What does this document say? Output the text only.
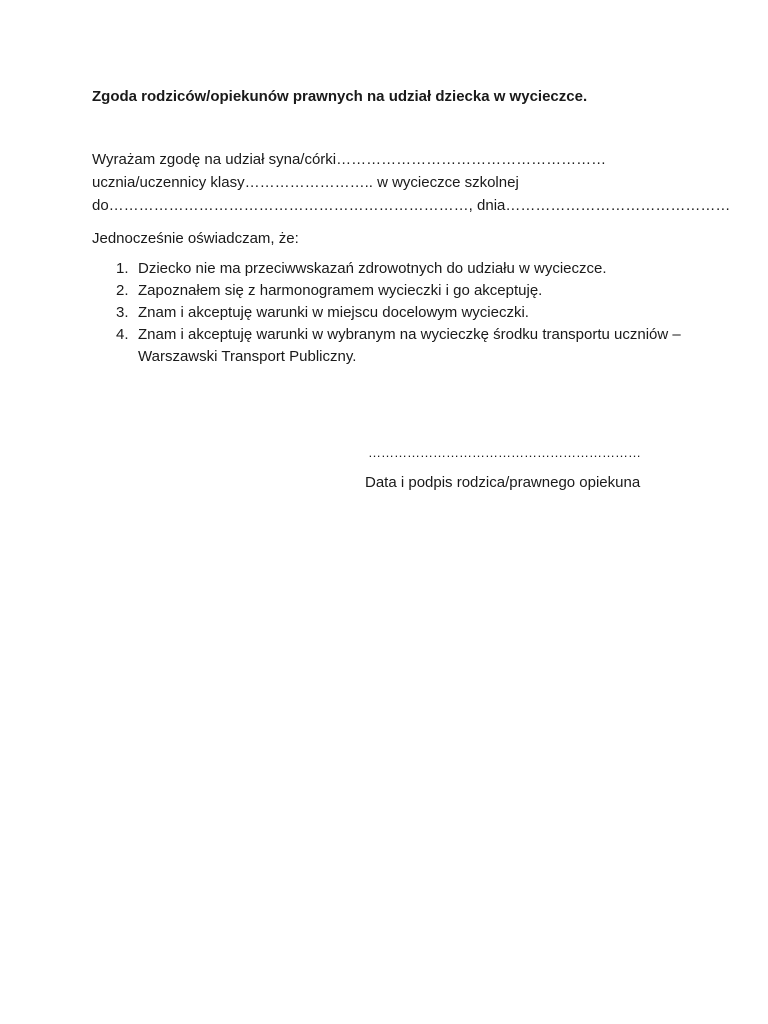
Zgoda rodziców/opiekunów prawnych na udział dziecka w wycieczce.
Wyrażam zgodę na udział syna/córki………………………………………………
ucznia/uczennicy klasy…………………….. w wycieczce szkolnej
do………………………………………………………………, dnia………………………………………
Jednocześnie oświadczam, że:
1. Dziecko nie ma przeciwwskazań zdrowotnych do udziału w wycieczce.
2. Zapoznałem się z harmonogramem wycieczki i go akceptuję.
3. Znam i akceptuję warunki w miejscu docelowym wycieczki.
4. Znam i akceptuję warunki w wybranym na wycieczkę środku transportu uczniów – Warszawski Transport Publiczny.
………………………………………………………
Data i podpis rodzica/prawnego opiekuna
